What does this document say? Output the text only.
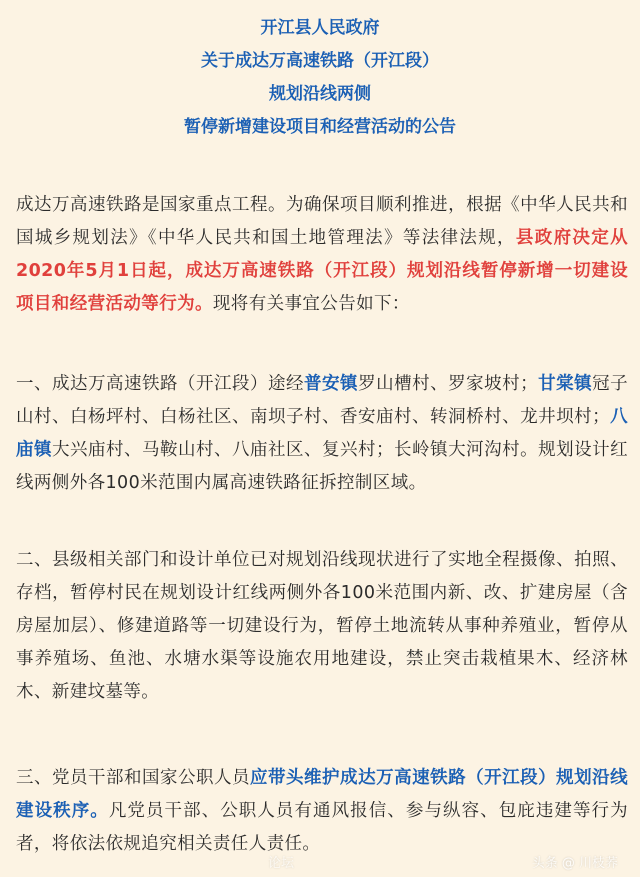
开江县人民政府
关于成达万高速铁路（开江段）
规划沿线两侧
暂停新增建设项目和经营活动的公告
成达万高速铁路是国家重点工程。为确保项目顺利推进，根据《中华人民共和国城乡规划法》《中华人民共和国土地管理法》等法律法规，县政府决定从2020年5月1日起，成达万高速铁路（开江段）规划沿线暂停新增一切建设项目和经营活动等行为。现将有关事宜公告如下：
一、成达万高速铁路（开江段）途经普安镇罗山槽村、罗家坡村；甘棠镇冠子山村、白杨坪村、白杨社区、南坝子村、香安庙村、转洞桥村、龙井坝村；八庙镇大兴庙村、马鞍山村、八庙社区、复兴村；长岭镇大河沟村。规划设计红线两侧外各100米范围内属高速铁路征拆控制区域。
二、县级相关部门和设计单位已对规划沿线现状进行了实地全程摄像、拍照、存档，暂停村民在规划设计红线两侧外各100米范围内新、改、扩建房屋（含房屋加层）、修建道路等一切建设行为，暂停土地流转从事种养殖业，暂停从事养殖场、鱼池、水塘水渠等设施农用地建设，禁止突击栽植果木、经济林木、新建坟墓等。
三、党员干部和国家公职人员应带头维护成达万高速铁路（开江段）规划沿线建设秩序。凡党员干部、公职人员有通风报信、参与纵容、包庇违建等行为者，将依法依规追究相关责任人责任。
论坛	头条 @ 川枝荞
